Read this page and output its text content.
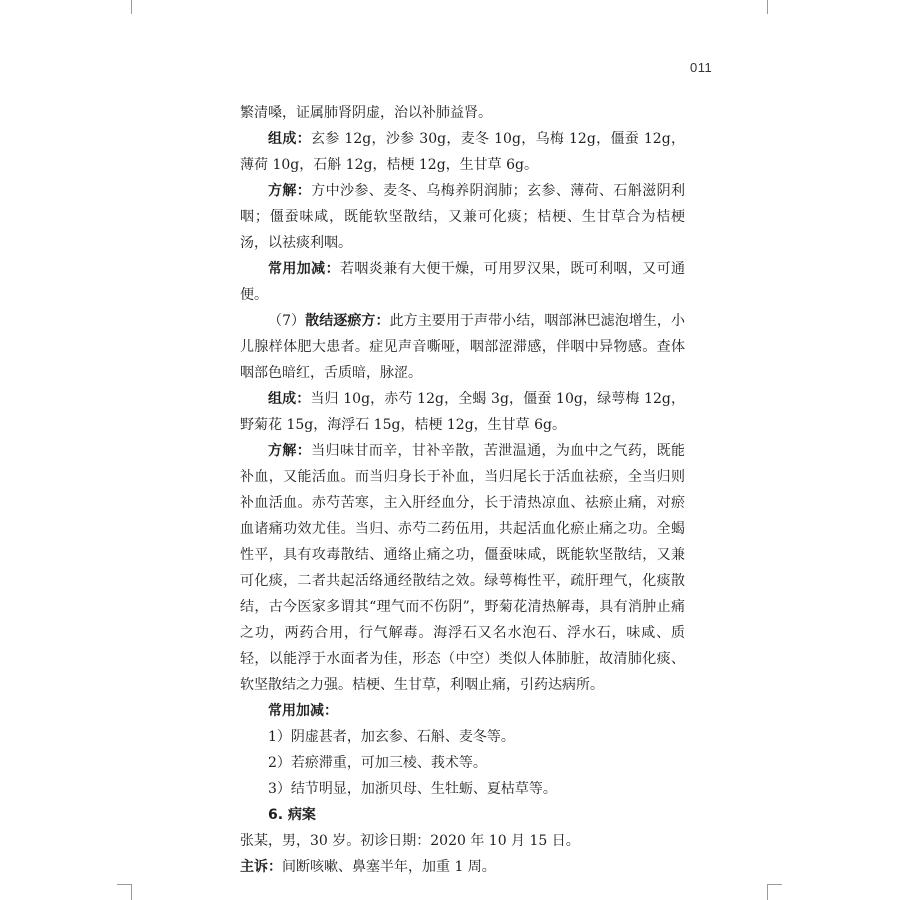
011

繁清嗓，证属肺肾阴虚，治以补肺益肾。

组成：玄参 12g，沙参 30g，麦冬 10g，乌梅 12g，僵蚕 12g，薄荷 10g，石斛 12g，桔梗 12g，生甘草 6g。

方解：方中沙参、麦冬、乌梅养阴润肺；玄参、薄荷、石斛滋阴利咽；僵蚕味咸，既能软坚散结，又兼可化痰；桔梗、生甘草合为桔梗汤，以祛痰利咽。

常用加减：若咽炎兼有大便干燥，可用罗汉果，既可利咽，又可通便。

（7）散结逐瘀方：此方主要用于声带小结，咽部淋巴滤泡增生，小儿腺样体肥大患者。症见声音嘶哑，咽部涩滞感，伴咽中异物感。查体咽部色暗红，舌质暗，脉涩。

组成：当归 10g，赤芍 12g，全蝎 3g，僵蚕 10g，绿萼梅 12g，野菊花 15g，海浮石 15g，桔梗 12g，生甘草 6g。

方解：当归味甘而辛，甘补辛散，苦泄温通，为血中之气药，既能补血，又能活血。而当归身长于补血，当归尾长于活血祛瘀，全当归则补血活血。赤芍苦寒，主入肝经血分，长于清热凉血、祛瘀止痛，对瘀血诸痛功效尤佳。当归、赤芍二药伍用，共起活血化瘀止痛之功。全蝎性平，具有攻毒散结、通络止痛之功，僵蚕味咸，既能软坚散结，又兼可化痰，二者共起活络通经散结之效。绿萼梅性平，疏肝理气，化痰散结，古今医家多谓其“理气而不伤阴”，野菊花清热解毒，具有消肿止痛之功，两药合用，行气解毒。海浮石又名水泡石、浮水石，味咸、质轻，以能浮于水面者为佳，形态（中空）类似人体肺脏，故清肺化痰、软坚散结之力强。桔梗、生甘草，利咽止痛，引药达病所。

常用加减：

1）阴虚甚者，加玄参、石斛、麦冬等。

2）若瘀滞重，可加三棱、莪术等。

3）结节明显，加浙贝母、生牡蛎、夏枯草等。

6. 病案

张某，男，30 岁。初诊日期：2020 年 10 月 15 日。

主诉：间断咳嗽、鼻塞半年，加重 1 周。
